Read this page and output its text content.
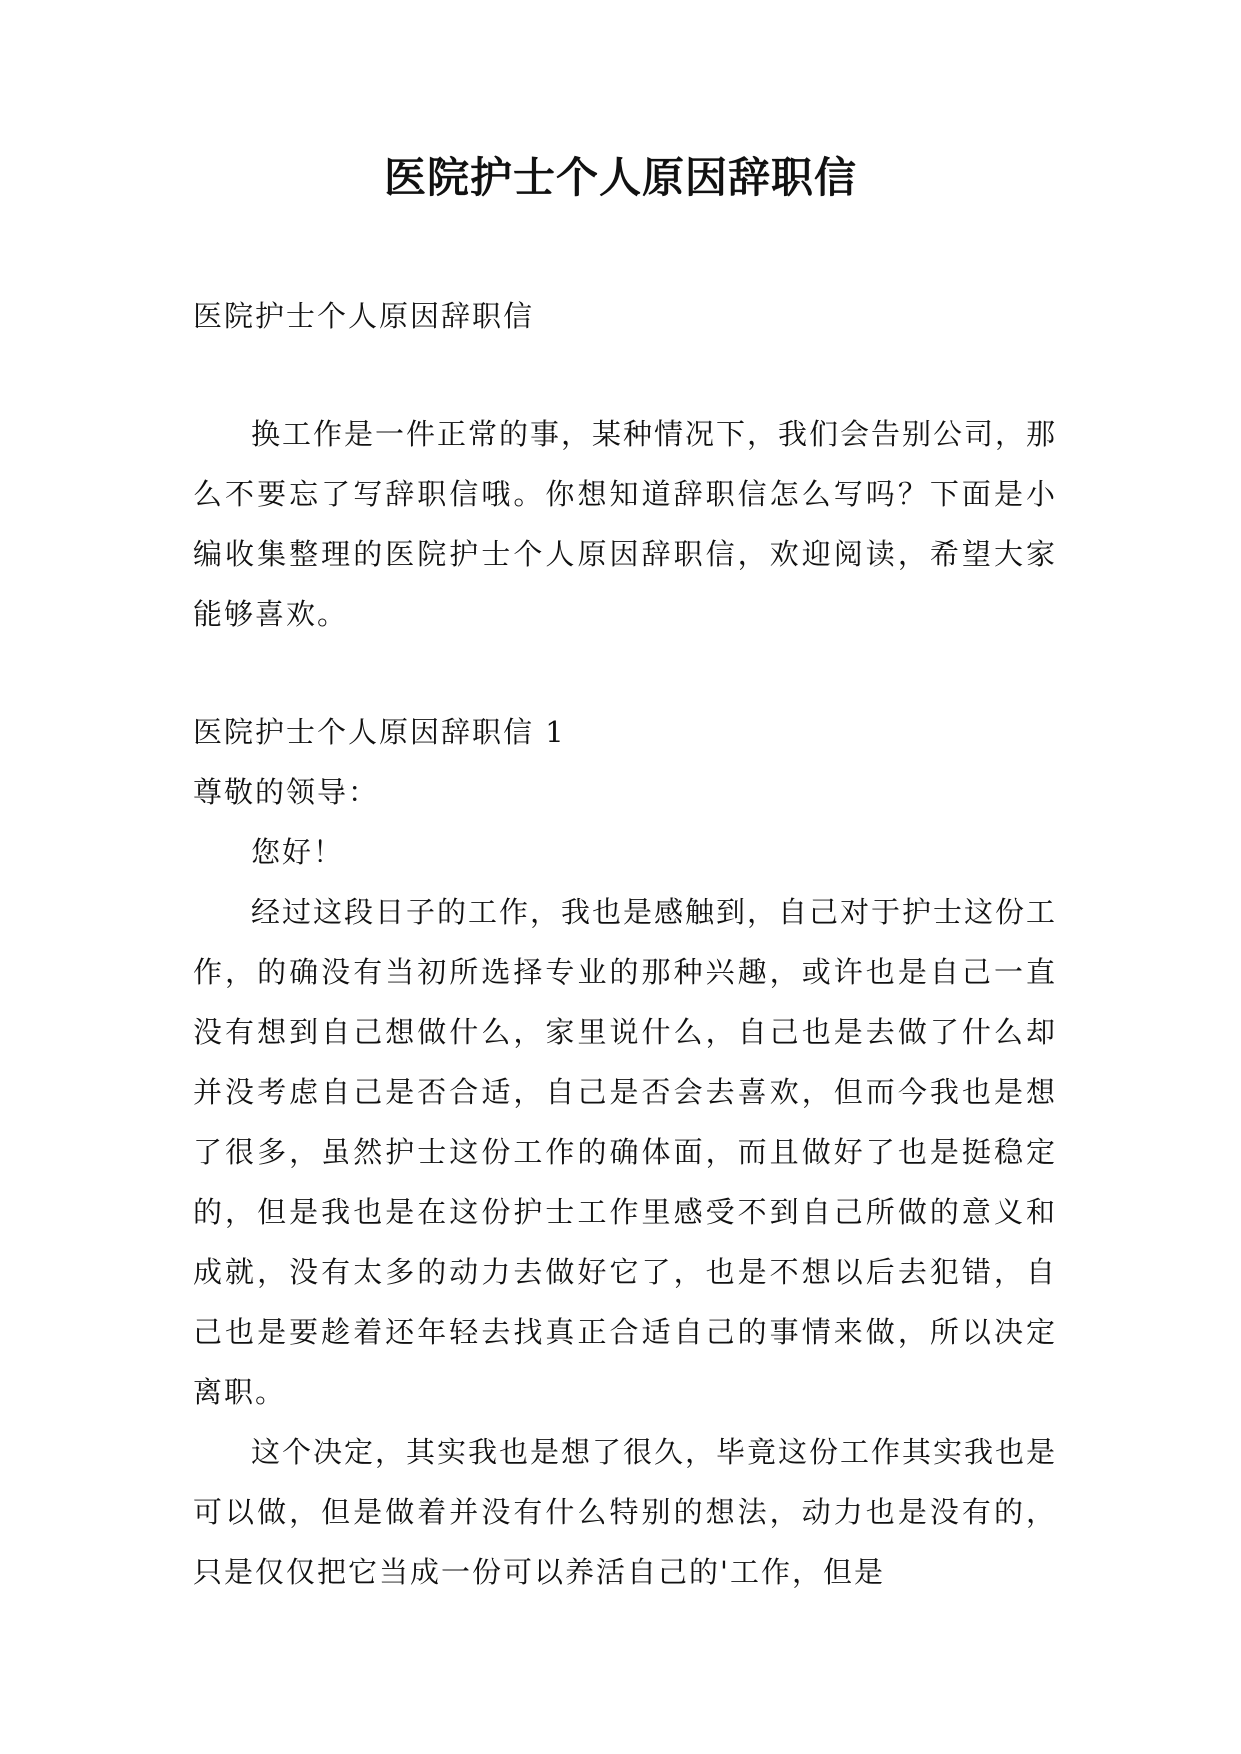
医院护士个人原因辞职信

医院护士个人原因辞职信

换工作是一件正常的事，某种情况下，我们会告别公司，那么不要忘了写辞职信哦。你想知道辞职信怎么写吗？下面是小编收集整理的医院护士个人原因辞职信，欢迎阅读，希望大家能够喜欢。

医院护士个人原因辞职信 1

尊敬的领导：

您好！

经过这段日子的工作，我也是感触到，自己对于护士这份工作，的确没有当初所选择专业的那种兴趣，或许也是自己一直没有想到自己想做什么，家里说什么，自己也是去做了什么却并没考虑自己是否合适，自己是否会去喜欢，但而今我也是想了很多，虽然护士这份工作的确体面，而且做好了也是挺稳定的，但是我也是在这份护士工作里感受不到自己所做的意义和成就，没有太多的动力去做好它了，也是不想以后去犯错，自己也是要趁着还年轻去找真正合适自己的事情来做，所以决定离职。

这个决定，其实我也是想了很久，毕竟这份工作其实我也是可以做，但是做着并没有什么特别的想法，动力也是没有的，只是仅仅把它当成一份可以养活自己的'工作，但是
